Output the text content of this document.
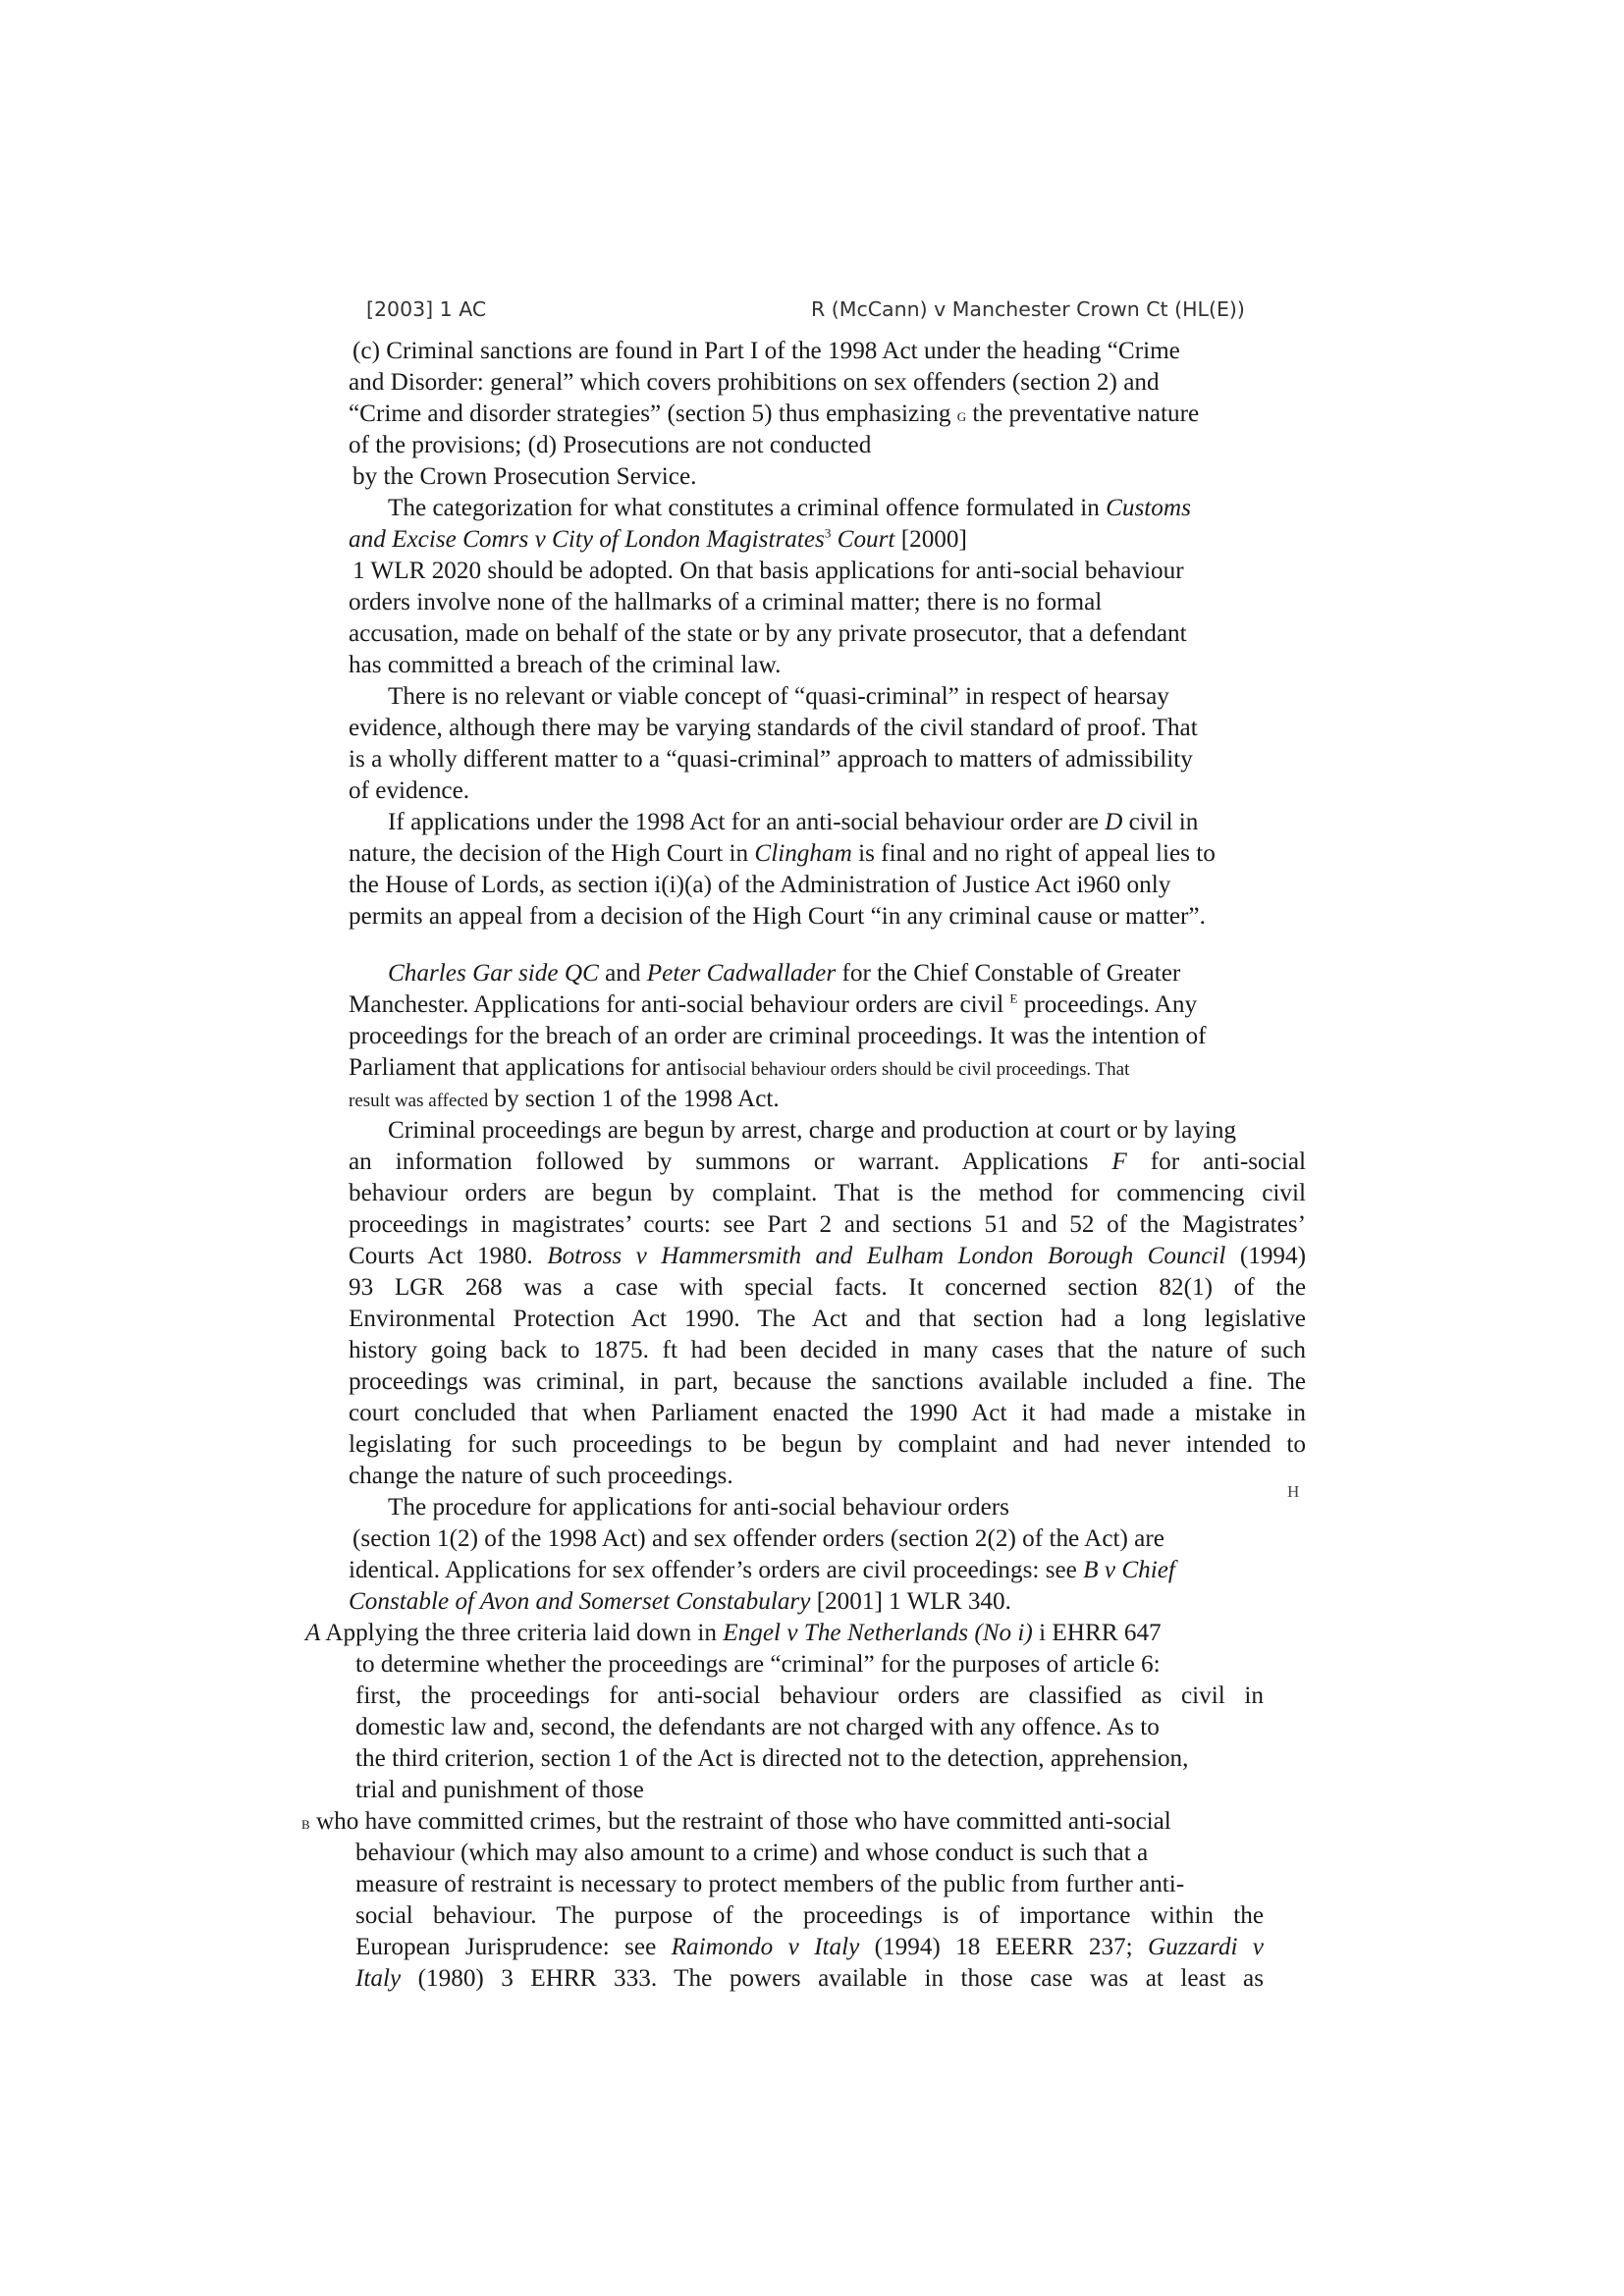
[2003] 1 AC	R (McCann) v Manchester Crown Ct (HL(E))
(c) Criminal sanctions are found in Part I of the 1998 Act under the heading “Crime
and Disorder: general” which covers prohibitions on sex offenders (section 2) and
“Crime and disorder strategies” (section 5) thus emphasizing G the preventative nature
of the provisions; (d) Prosecutions are not conducted
by the Crown Prosecution Service.
The categorization for what constitutes a criminal offence formulated in Customs
and Excise Comrs v City of London Magistrates$^3$ Court [2000]
1 WLR 2020 should be adopted. On that basis applications for anti-social behaviour
orders involve none of the hallmarks of a criminal matter; there is no formal
accusation, made on behalf of the state or by any private prosecutor, that a defendant
has committed a breach of the criminal law.
There is no relevant or viable concept of “quasi-criminal” in respect of hearsay
evidence, although there may be varying standards of the civil standard of proof. That
is a wholly different matter to a “quasi-criminal” approach to matters of admissibility
of evidence.
If applications under the 1998 Act for an anti-social behaviour order are D civil in
nature, the decision of the High Court in Clingham is final and no right of appeal lies to
the House of Lords, as section i(i)(a) of the Administration of Justice Act i960 only
permits an appeal from a decision of the High Court “in any criminal cause or matter”.
Charles Gar side QC and Peter Cadwallader for the Chief Constable of Greater
Manchester. Applications for anti-social behaviour orders are civil $^E$ proceedings. Any
proceedings for the breach of an order are criminal proceedings. It was the intention of
Parliament that applications for antisocial behaviour orders should be civil proceedings. That
result was affected by section 1 of the 1998 Act.
Criminal proceedings are begun by arrest, charge and production at court or by laying
an information followed by summons or warrant. Applications F for anti-social
behaviour orders are begun by complaint. That is the method for commencing civil
proceedings in magistrates’ courts: see Part 2 and sections 51 and 52 of the Magistrates’
Courts Act 1980. Botross v Hammersmith and Eulham London Borough Council (1994)
93 LGR 268 was a case with special facts. It concerned section 82(1) of the
Environmental Protection Act 1990. The Act and that section had a long legislative
history going back to 1875. ft had been decided in many cases that the nature of such
proceedings was criminal, in part, because the sanctions available included a fine. The
court concluded that when Parliament enacted the 1990 Act it had made a mistake in
legislating for such proceedings to be begun by complaint and had never intended to
change the nature of such proceedings.
The procedure for applications for anti-social behaviour orders
H
(section 1(2) of the 1998 Act) and sex offender orders (section 2(2) of the Act) are
identical. Applications for sex offender’s orders are civil proceedings: see B v Chief
Constable of Avon and Somerset Constabulary [2001] 1 WLR 340.
A Applying the three criteria laid down in Engel v The Netherlands (No i) i EHRR 647
to determine whether the proceedings are “criminal” for the purposes of article 6:
first, the proceedings for anti-social behaviour orders are classified as civil in
domestic law and, second, the defendants are not charged with any offence. As to
the third criterion, section 1 of the Act is directed not to the detection, apprehension,
trial and punishment of those
B who have committed crimes, but the restraint of those who have committed anti-social
behaviour (which may also amount to a crime) and whose conduct is such that a
measure of restraint is necessary to protect members of the public from further anti-
social behaviour. The purpose of the proceedings is of importance within the
European Jurisprudence: see Raimondo v Italy (1994) 18 EEERR 237; Guzzardi v
Italy (1980) 3 EHRR 333. The powers available in those case was at least as
